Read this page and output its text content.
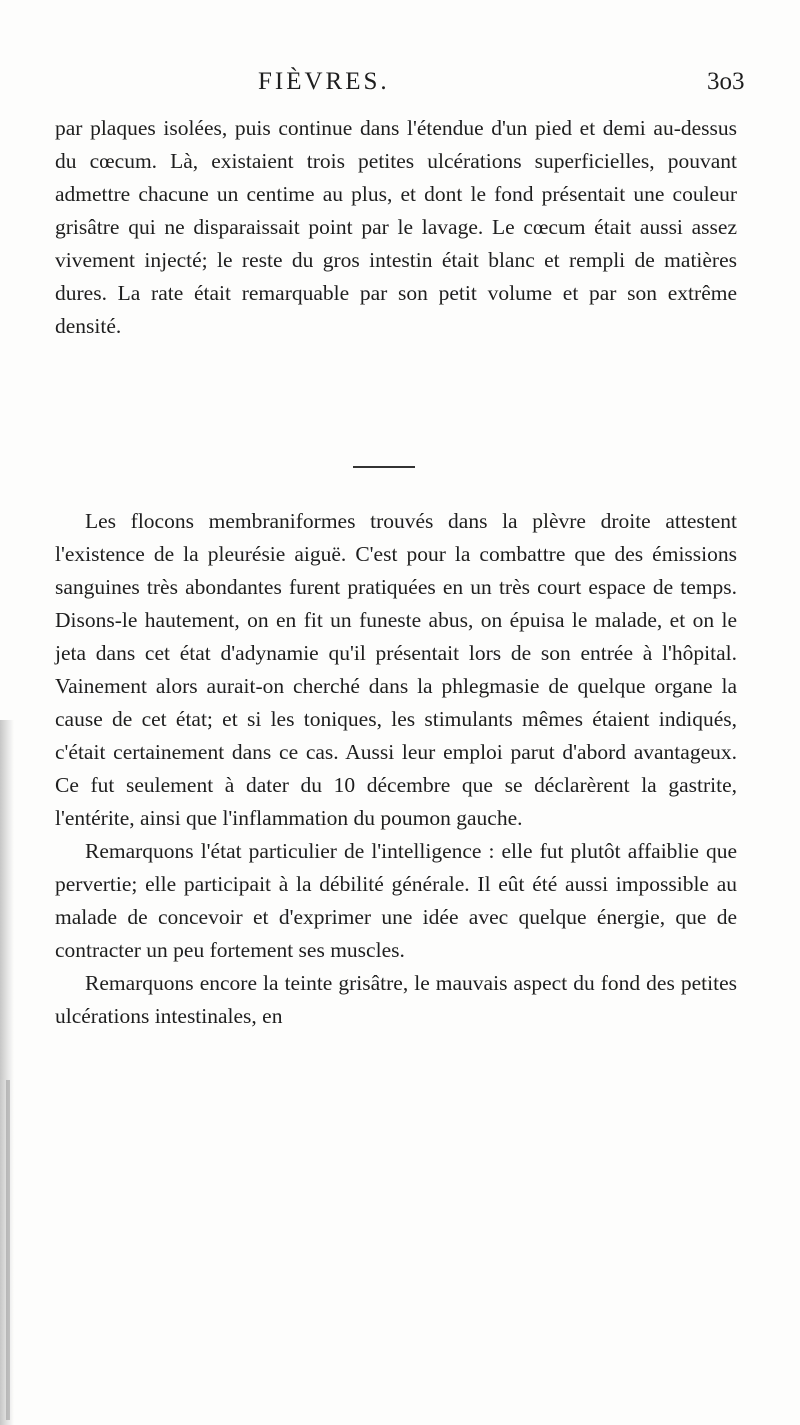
FIÈVRES.	3o3

par plaques isolées, puis continue dans l'étendue d'un pied et demi au-dessus du cœcum. Là, existaient trois petites ulcérations superficielles, pouvant admettre chacune un centime au plus, et dont le fond présentait une couleur grisâtre qui ne disparaissait point par le lavage. Le cœcum était aussi assez vivement injecté; le reste du gros intestin était blanc et rempli de matières dures. La rate était remarquable par son petit volume et par son extrême densité.

Les flocons membraniformes trouvés dans la plèvre droite attestent l'existence de la pleurésie aiguë. C'est pour la combattre que des émissions sanguines très abondantes furent pratiquées en un très court espace de temps. Disons-le hautement, on en fit un funeste abus, on épuisa le malade, et on le jeta dans cet état d'adynamie qu'il présentait lors de son entrée à l'hôpital. Vainement alors aurait-on cherché dans la phlegmasie de quelque organe la cause de cet état; et si les toniques, les stimulants mêmes étaient indiqués, c'était certainement dans ce cas. Aussi leur emploi parut d'abord avantageux. Ce fut seulement à dater du 10 décembre que se déclarèrent la gastrite, l'entérite, ainsi que l'inflammation du poumon gauche.

Remarquons l'état particulier de l'intelligence : elle fut plutôt affaiblie que pervertie; elle participait à la débilité générale. Il eût été aussi impossible au malade de concevoir et d'exprimer une idée avec quelque énergie, que de contracter un peu fortement ses muscles.

Remarquons encore la teinte grisâtre, le mauvais aspect du fond des petites ulcérations intestinales, en
